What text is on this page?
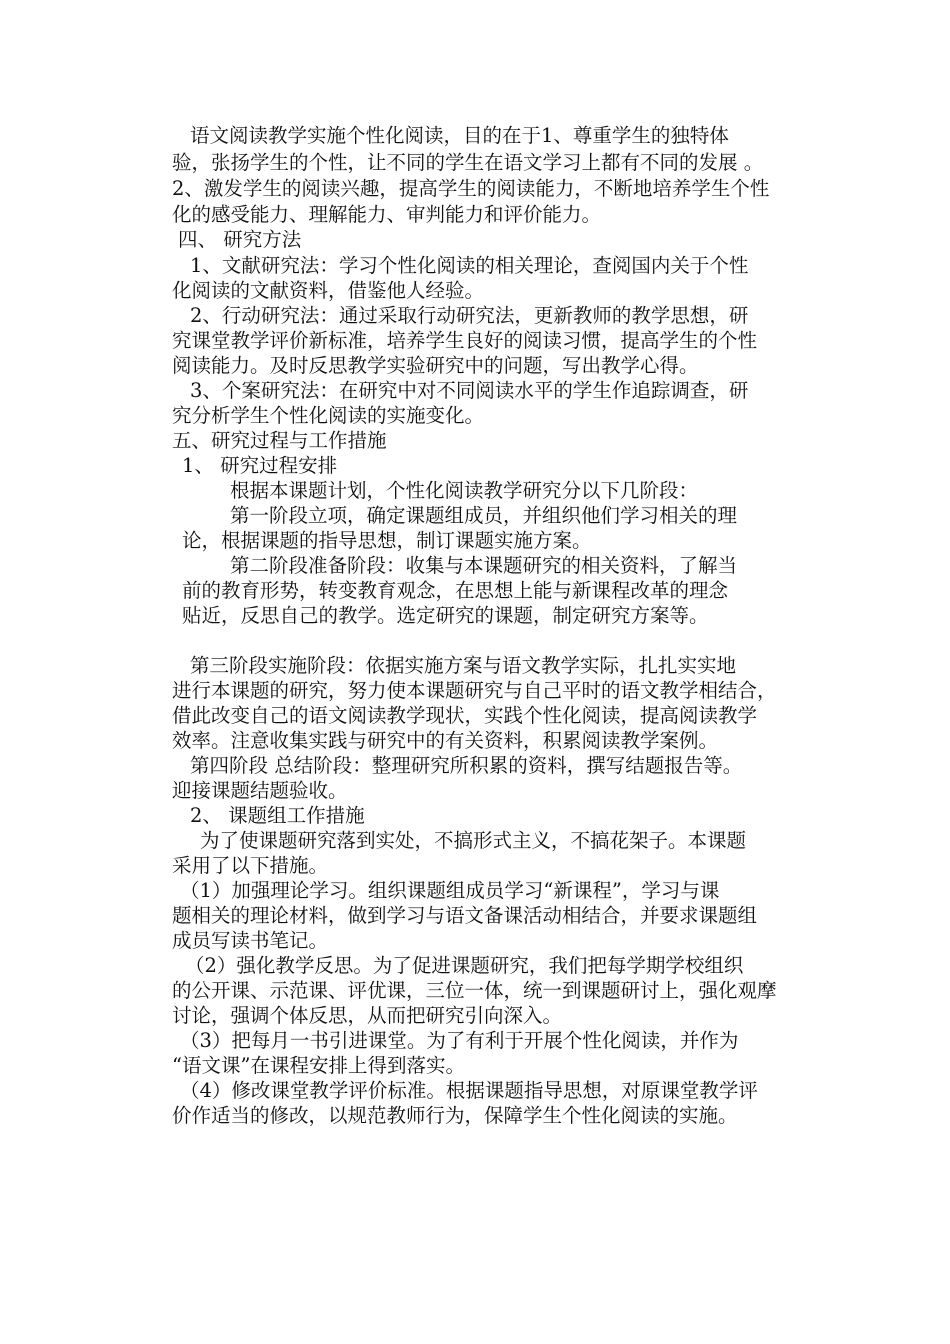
语文阅读教学实施个性化阅读，目的在于1、尊重学生的独特体

验，张扬学生的个性，让不同的学生在语文学习上都有不同的发展 。

2、激发学生的阅读兴趣，提高学生的阅读能力，不断地培养学生个性

化的感受能力、理解能力、审判能力和评价能力。

四、 研究方法

1、文献研究法：学习个性化阅读的相关理论，查阅国内关于个性

化阅读的文献资料，借鉴他人经验。

2、行动研究法：通过采取行动研究法，更新教师的教学思想，研

究课堂教学评价新标准，培养学生良好的阅读习惯，提高学生的个性

阅读能力。及时反思教学实验研究中的问题，写出教学心得。

3、个案研究法：在研究中对不同阅读水平的学生作追踪调查，研

究分析学生个性化阅读的实施变化。

五、研究过程与工作措施

1、 研究过程安排

根据本课题计划，个性化阅读教学研究分以下几阶段：

第一阶段立项，确定课题组成员，并组织他们学习相关的理

论，根据课题的指导思想，制订课题实施方案。

第二阶段准备阶段：收集与本课题研究的相关资料，了解当

前的教育形势，转变教育观念，在思想上能与新课程改革的理念

贴近，反思自己的教学。选定研究的课题，制定研究方案等。

第三阶段实施阶段：依据实施方案与语文教学实际，扎扎实实地

进行本课题的研究，努力使本课题研究与自己平时的语文教学相结合，

借此改变自己的语文阅读教学现状，实践个性化阅读，提高阅读教学

效率。注意收集实践与研究中的有关资料，积累阅读教学案例。

第四阶段 总结阶段：整理研究所积累的资料，撰写结题报告等。

迎接课题结题验收。

2、 课题组工作措施

为了使课题研究落到实处，不搞形式主义，不搞花架子。本课题

采用了以下措施。

（1）加强理论学习。组织课题组成员学习“新课程”，学习与课

题相关的理论材料，做到学习与语文备课活动相结合，并要求课题组

成员写读书笔记。

（2）强化教学反思。为了促进课题研究，我们把每学期学校组织

的公开课、示范课、评优课，三位一体，统一到课题研讨上，强化观摩

讨论，强调个体反思，从而把研究引向深入。

（3）把每月一书引进课堂。为了有利于开展个性化阅读，并作为

“语文课”在课程安排上得到落实。

（4）修改课堂教学评价标准。根据课题指导思想，对原课堂教学评

价作适当的修改，以规范教师行为，保障学生个性化阅读的实施。
